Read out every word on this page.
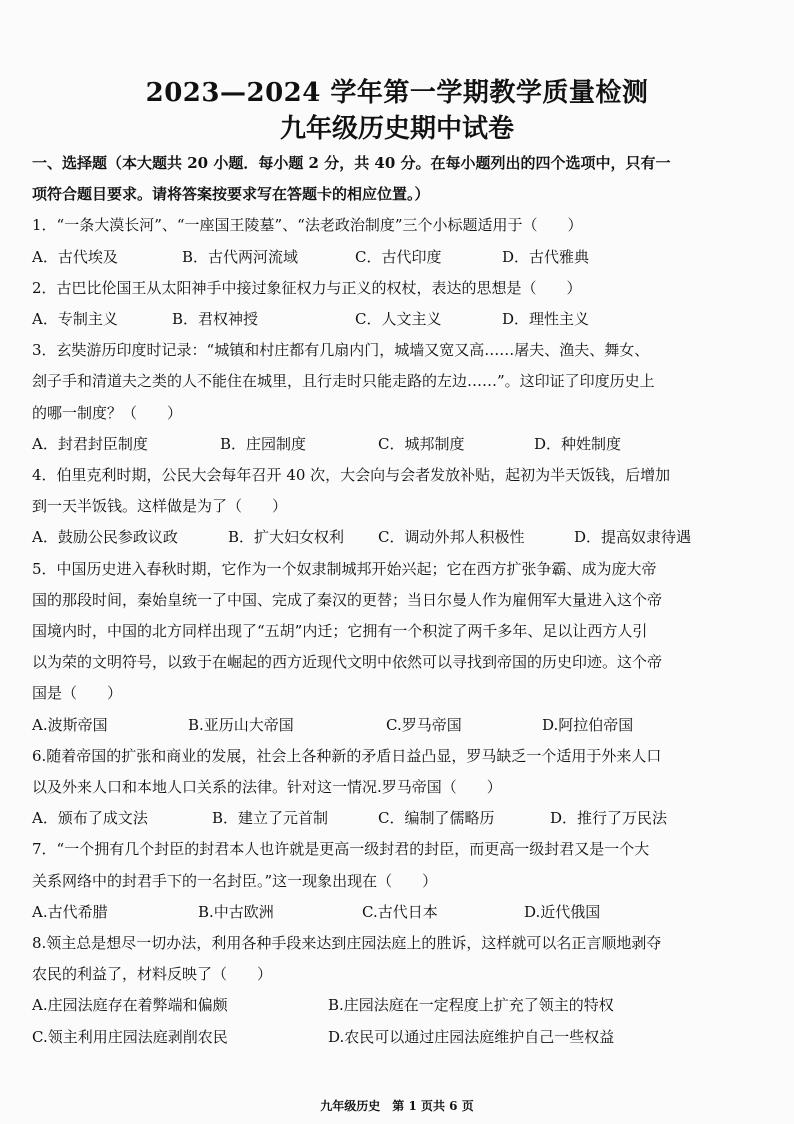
2023—2024 学年第一学期教学质量检测
九年级历史期中试卷
一、选择题（本大题共 20 小题．每小题 2 分，共 40 分。在每小题列出的四个选项中，只有一
项符合题目要求。请将答案按要求写在答题卡的相应位置。）
1．“一条大漠长河”、“一座国王陵墓”、“法老政治制度”三个小标题适用于（　　）
A．古代埃及	B．古代两河流域	C．古代印度	D．古代雅典
2．古巴比伦国王从太阳神手中接过象征权力与正义的权杖，表达的思想是（　　）
A．专制主义	B．君权神授	C．人文主义	D．理性主义
3．玄奘游历印度时记录：“城镇和村庄都有几扇内门，城墙又宽又高……屠夫、渔夫、舞女、
刽子手和清道夫之类的人不能住在城里，且行走时只能走路的左边……”。这印证了印度历史上
的哪一制度？（　　）
A．封君封臣制度	B．庄园制度	C．城邦制度	D．种姓制度
4．伯里克利时期，公民大会每年召开 40 次，大会向与会者发放补贴，起初为半天饭钱，后增加
到一天半饭钱。这样做是为了（　　）
A．鼓励公民参政议政	B．扩大妇女权利 C．调动外邦人积极性	D．提高奴隶待遇
5．中国历史进入春秋时期，它作为一个奴隶制城邦开始兴起；它在西方扩张争霸、成为庞大帝
国的那段时间，秦始皇统一了中国、完成了秦汉的更替；当日尔曼人作为雇佣军大量进入这个帝
国境内时，中国的北方同样出现了“五胡”内迁；它拥有一个积淀了两千多年、足以让西方人引
以为荣的文明符号，以致于在崛起的西方近现代文明中依然可以寻找到帝国的历史印迹。这个帝
国是（　　）
A.波斯帝国	B.亚历山大帝国	C.罗马帝国	D.阿拉伯帝国
6.随着帝国的扩张和商业的发展，社会上各种新的矛盾日益凸显，罗马缺乏一个适用于外来人口
以及外来人口和本地人口关系的法律。针对这一情况.罗马帝国（　　）
A．颁布了成文法	B．建立了元首制	C．编制了儒略历	D．推行了万民法
7．“一个拥有几个封臣的封君本人也许就是更高一级封君的封臣，而更高一级封君又是一个大
关系网络中的封君手下的一名封臣。”这一现象出现在（　　）
A.古代希腊	B.中古欧洲	C.古代日本	D.近代俄国
8.领主总是想尽一切办法，利用各种手段来达到庄园法庭上的胜诉，这样就可以名正言顺地剥夺
农民的利益了，材料反映了（　　）
A.庄园法庭存在着弊端和偏颇	B.庄园法庭在一定程度上扩充了领主的特权
C.领主利用庄园法庭剥削农民	D.农民可以通过庄园法庭维护自己一些权益
九年级历史　第 1 页共 6 页
